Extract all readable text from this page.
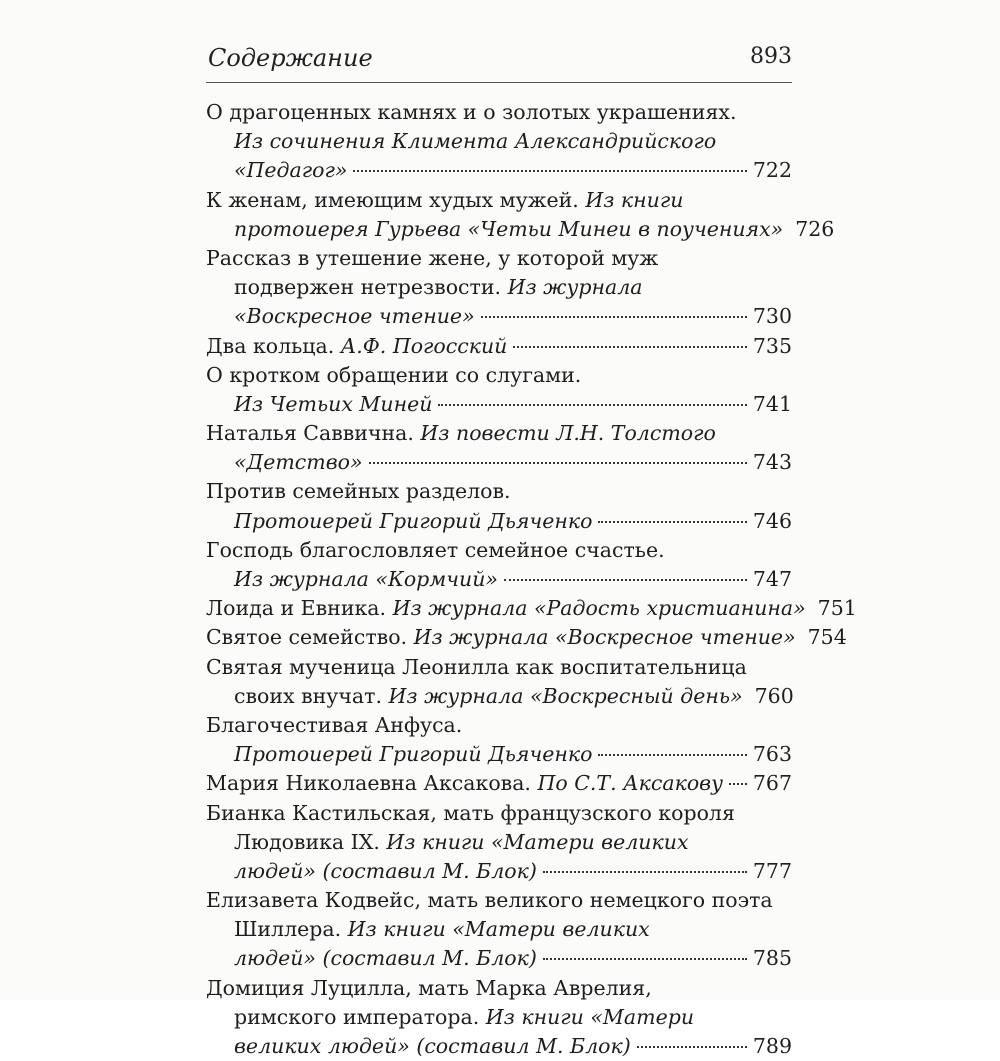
Содержание	893
О драгоценных камнях и о золотых украшениях.
Из сочинения Климента Александрийского
«Педагог»	722
К женам, имеющим худых мужей. Из книги
протоиерея Гурьева «Четьи Минеи в поучениях» 726
Рассказ в утешение жене, у которой муж
подвержен нетрезвости. Из журнала
«Воскресное чтение»	730
Два кольца. А.Ф. Погосский	735
О кротком обращении со слугами.
Из Четьих Миней	741
Наталья Саввична. Из повести Л.Н. Толстого
«Детство»	743
Против семейных разделов.
Протоиерей Григорий Дьяченко	746
Господь благословляет семейное счастье.
Из журнала «Кормчий»	747
Лоида и Евника. Из журнала «Радость христианина» 751
Святое семейство. Из журнала «Воскресное чтение» 754
Святая мученица Леонилла как воспитательница
своих внучат. Из журнала «Воскресный день» 760
Благочестивая Анфуса.
Протоиерей Григорий Дьяченко	763
Мария Николаевна Аксакова. По С.Т. Аксакову 767
Бианка Кастильская, мать французского короля
Людовика IX. Из книги «Матери великих
людей» (составил М. Блок)	777
Елизавета Кодвейс, мать великого немецкого поэта
Шиллера. Из книги «Матери великих
людей» (составил М. Блок)	785
Домиция Луцилла, мать Марка Аврелия,
римского императора. Из книги «Матери
великих людей» (составил М. Блок)	789
